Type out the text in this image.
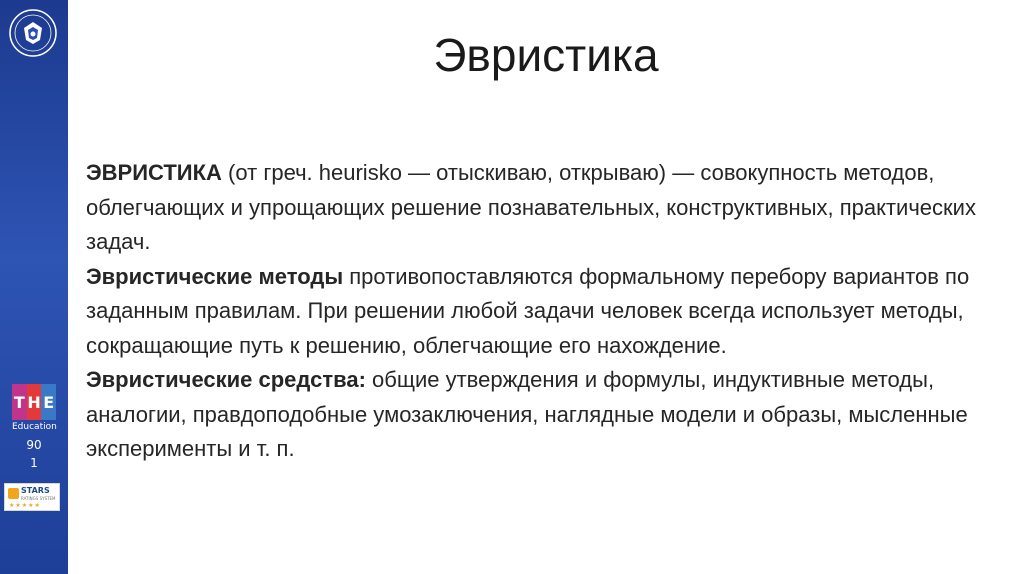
T H E
Education
90
1
STARS
RATINGS SYSTEM
★★★★★
Эвристика

ЭВРИСТИКА (от греч. heurisko — отыскиваю, открываю) — совокупность методов, облегчающих и упрощающих решение познавательных, конструктивных, практических задач.

Эвристические методы противопоставляются формальному перебору вариантов по заданным правилам. При решении любой задачи человек всегда использует методы, сокращающие путь к решению, облегчающие его нахождение.

Эвристические средства: общие утверждения и формулы, индуктивные методы, аналогии, правдоподобные умозаключения, наглядные модели и образы, мысленные эксперименты и т. п.
